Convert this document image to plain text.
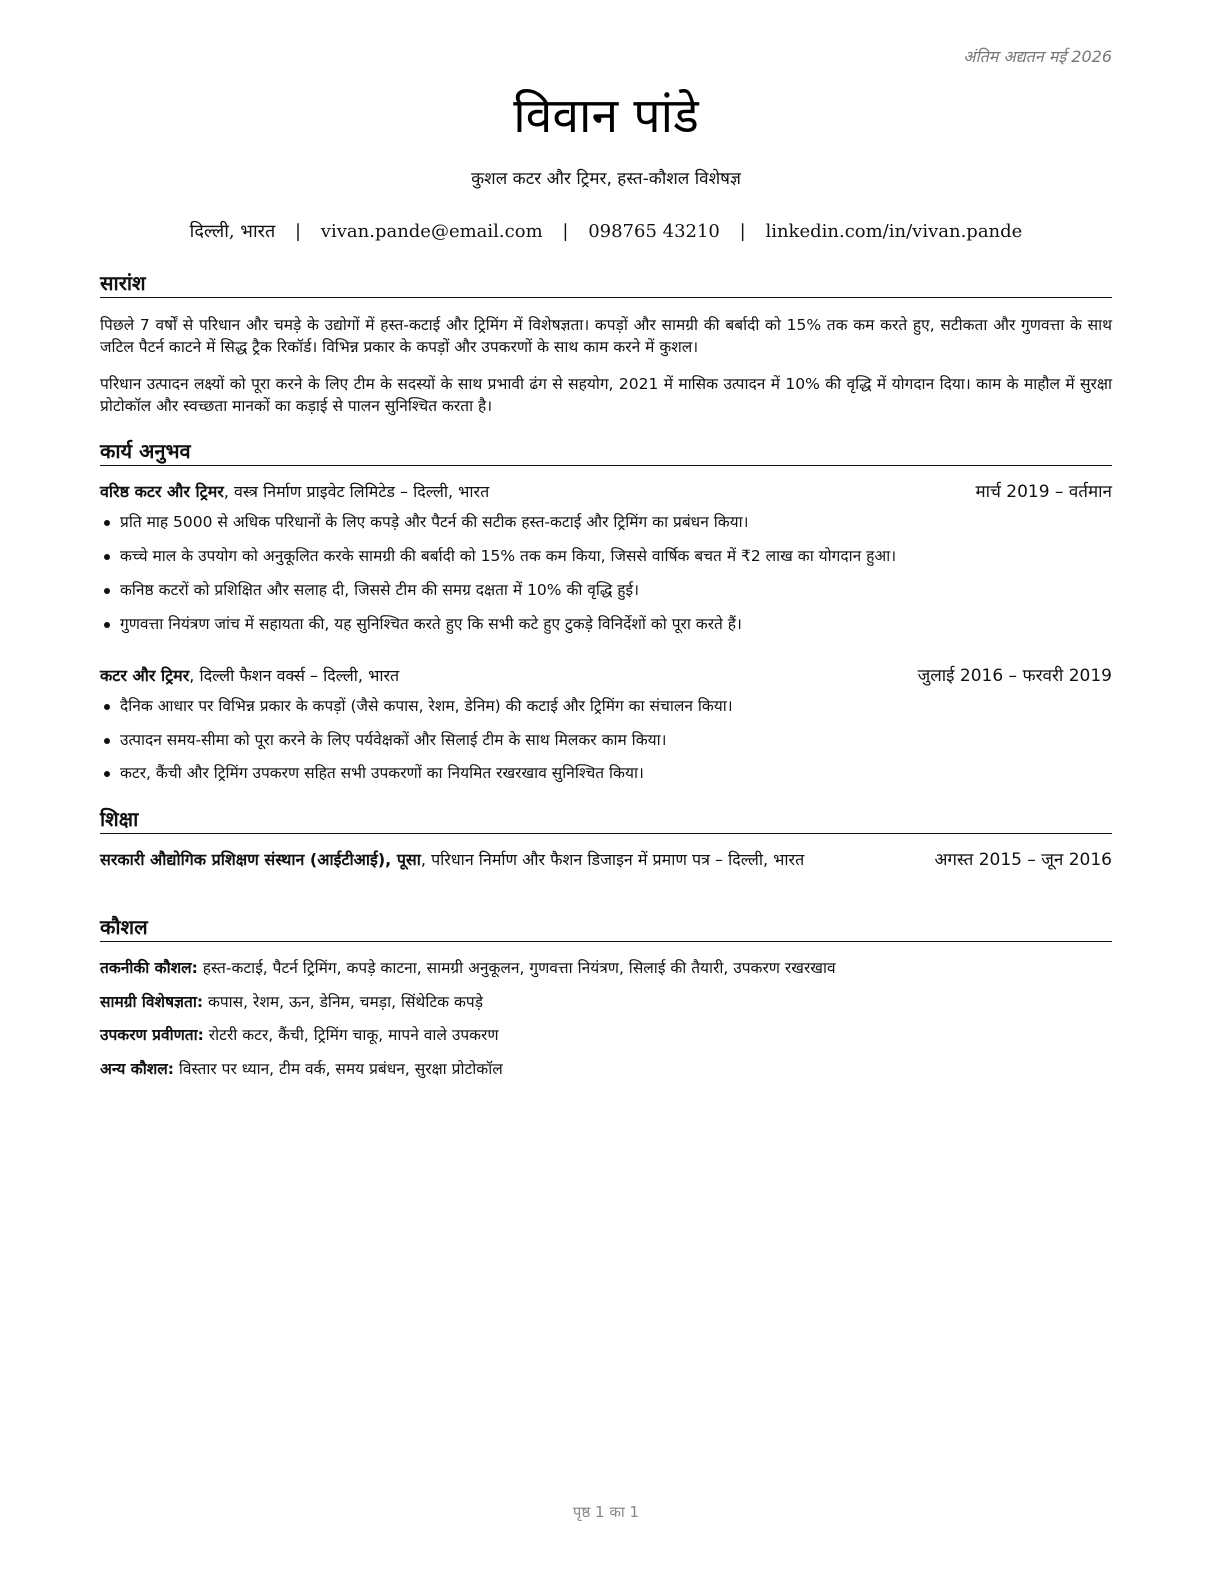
अंतिम अद्यतन मई 2026
विवान पांडे
कुशल कटर और ट्रिमर, हस्त-कौशल विशेषज्ञ
दिल्ली, भारत | vivan.pande@email.com | 098765 43210 | linkedin.com/in/vivan.pande
सारांश
पिछले 7 वर्षों से परिधान और चमड़े के उद्योगों में हस्त-कटाई और ट्रिमिंग में विशेषज्ञता। कपड़ों और सामग्री की बर्बादी को 15% तक कम करते हुए, सटीकता और गुणवत्ता के साथ जटिल पैटर्न काटने में सिद्ध ट्रैक रिकॉर्ड। विभिन्न प्रकार के कपड़ों और उपकरणों के साथ काम करने में कुशल।
परिधान उत्पादन लक्ष्यों को पूरा करने के लिए टीम के सदस्यों के साथ प्रभावी ढंग से सहयोग, 2021 में मासिक उत्पादन में 10% की वृद्धि में योगदान दिया। काम के माहौल में सुरक्षा प्रोटोकॉल और स्वच्छता मानकों का कड़ाई से पालन सुनिश्चित करता है।
कार्य अनुभव
वरिष्ठ कटर और ट्रिमर, वस्त्र निर्माण प्राइवेट लिमिटेड – दिल्ली, भारत	मार्च 2019 – वर्तमान
प्रति माह 5000 से अधिक परिधानों के लिए कपड़े और पैटर्न की सटीक हस्त-कटाई और ट्रिमिंग का प्रबंधन किया।
कच्चे माल के उपयोग को अनुकूलित करके सामग्री की बर्बादी को 15% तक कम किया, जिससे वार्षिक बचत में ₹2 लाख का योगदान हुआ।
कनिष्ठ कटरों को प्रशिक्षित और सलाह दी, जिससे टीम की समग्र दक्षता में 10% की वृद्धि हुई।
गुणवत्ता नियंत्रण जांच में सहायता की, यह सुनिश्चित करते हुए कि सभी कटे हुए टुकड़े विनिर्देशों को पूरा करते हैं।
कटर और ट्रिमर, दिल्ली फैशन वर्क्स – दिल्ली, भारत	जुलाई 2016 – फरवरी 2019
दैनिक आधार पर विभिन्न प्रकार के कपड़ों (जैसे कपास, रेशम, डेनिम) की कटाई और ट्रिमिंग का संचालन किया।
उत्पादन समय-सीमा को पूरा करने के लिए पर्यवेक्षकों और सिलाई टीम के साथ मिलकर काम किया।
कटर, कैंची और ट्रिमिंग उपकरण सहित सभी उपकरणों का नियमित रखरखाव सुनिश्चित किया।
शिक्षा
सरकारी औद्योगिक प्रशिक्षण संस्थान (आईटीआई), पूसा, परिधान निर्माण और फैशन डिजाइन में प्रमाण पत्र – दिल्ली, भारत	अगस्त 2015 – जून 2016
कौशल
तकनीकी कौशल: हस्त-कटाई, पैटर्न ट्रिमिंग, कपड़े काटना, सामग्री अनुकूलन, गुणवत्ता नियंत्रण, सिलाई की तैयारी, उपकरण रखरखाव
सामग्री विशेषज्ञता: कपास, रेशम, ऊन, डेनिम, चमड़ा, सिंथेटिक कपड़े
उपकरण प्रवीणता: रोटरी कटर, कैंची, ट्रिमिंग चाकू, मापने वाले उपकरण
अन्य कौशल: विस्तार पर ध्यान, टीम वर्क, समय प्रबंधन, सुरक्षा प्रोटोकॉल
पृष्ठ 1 का 1
